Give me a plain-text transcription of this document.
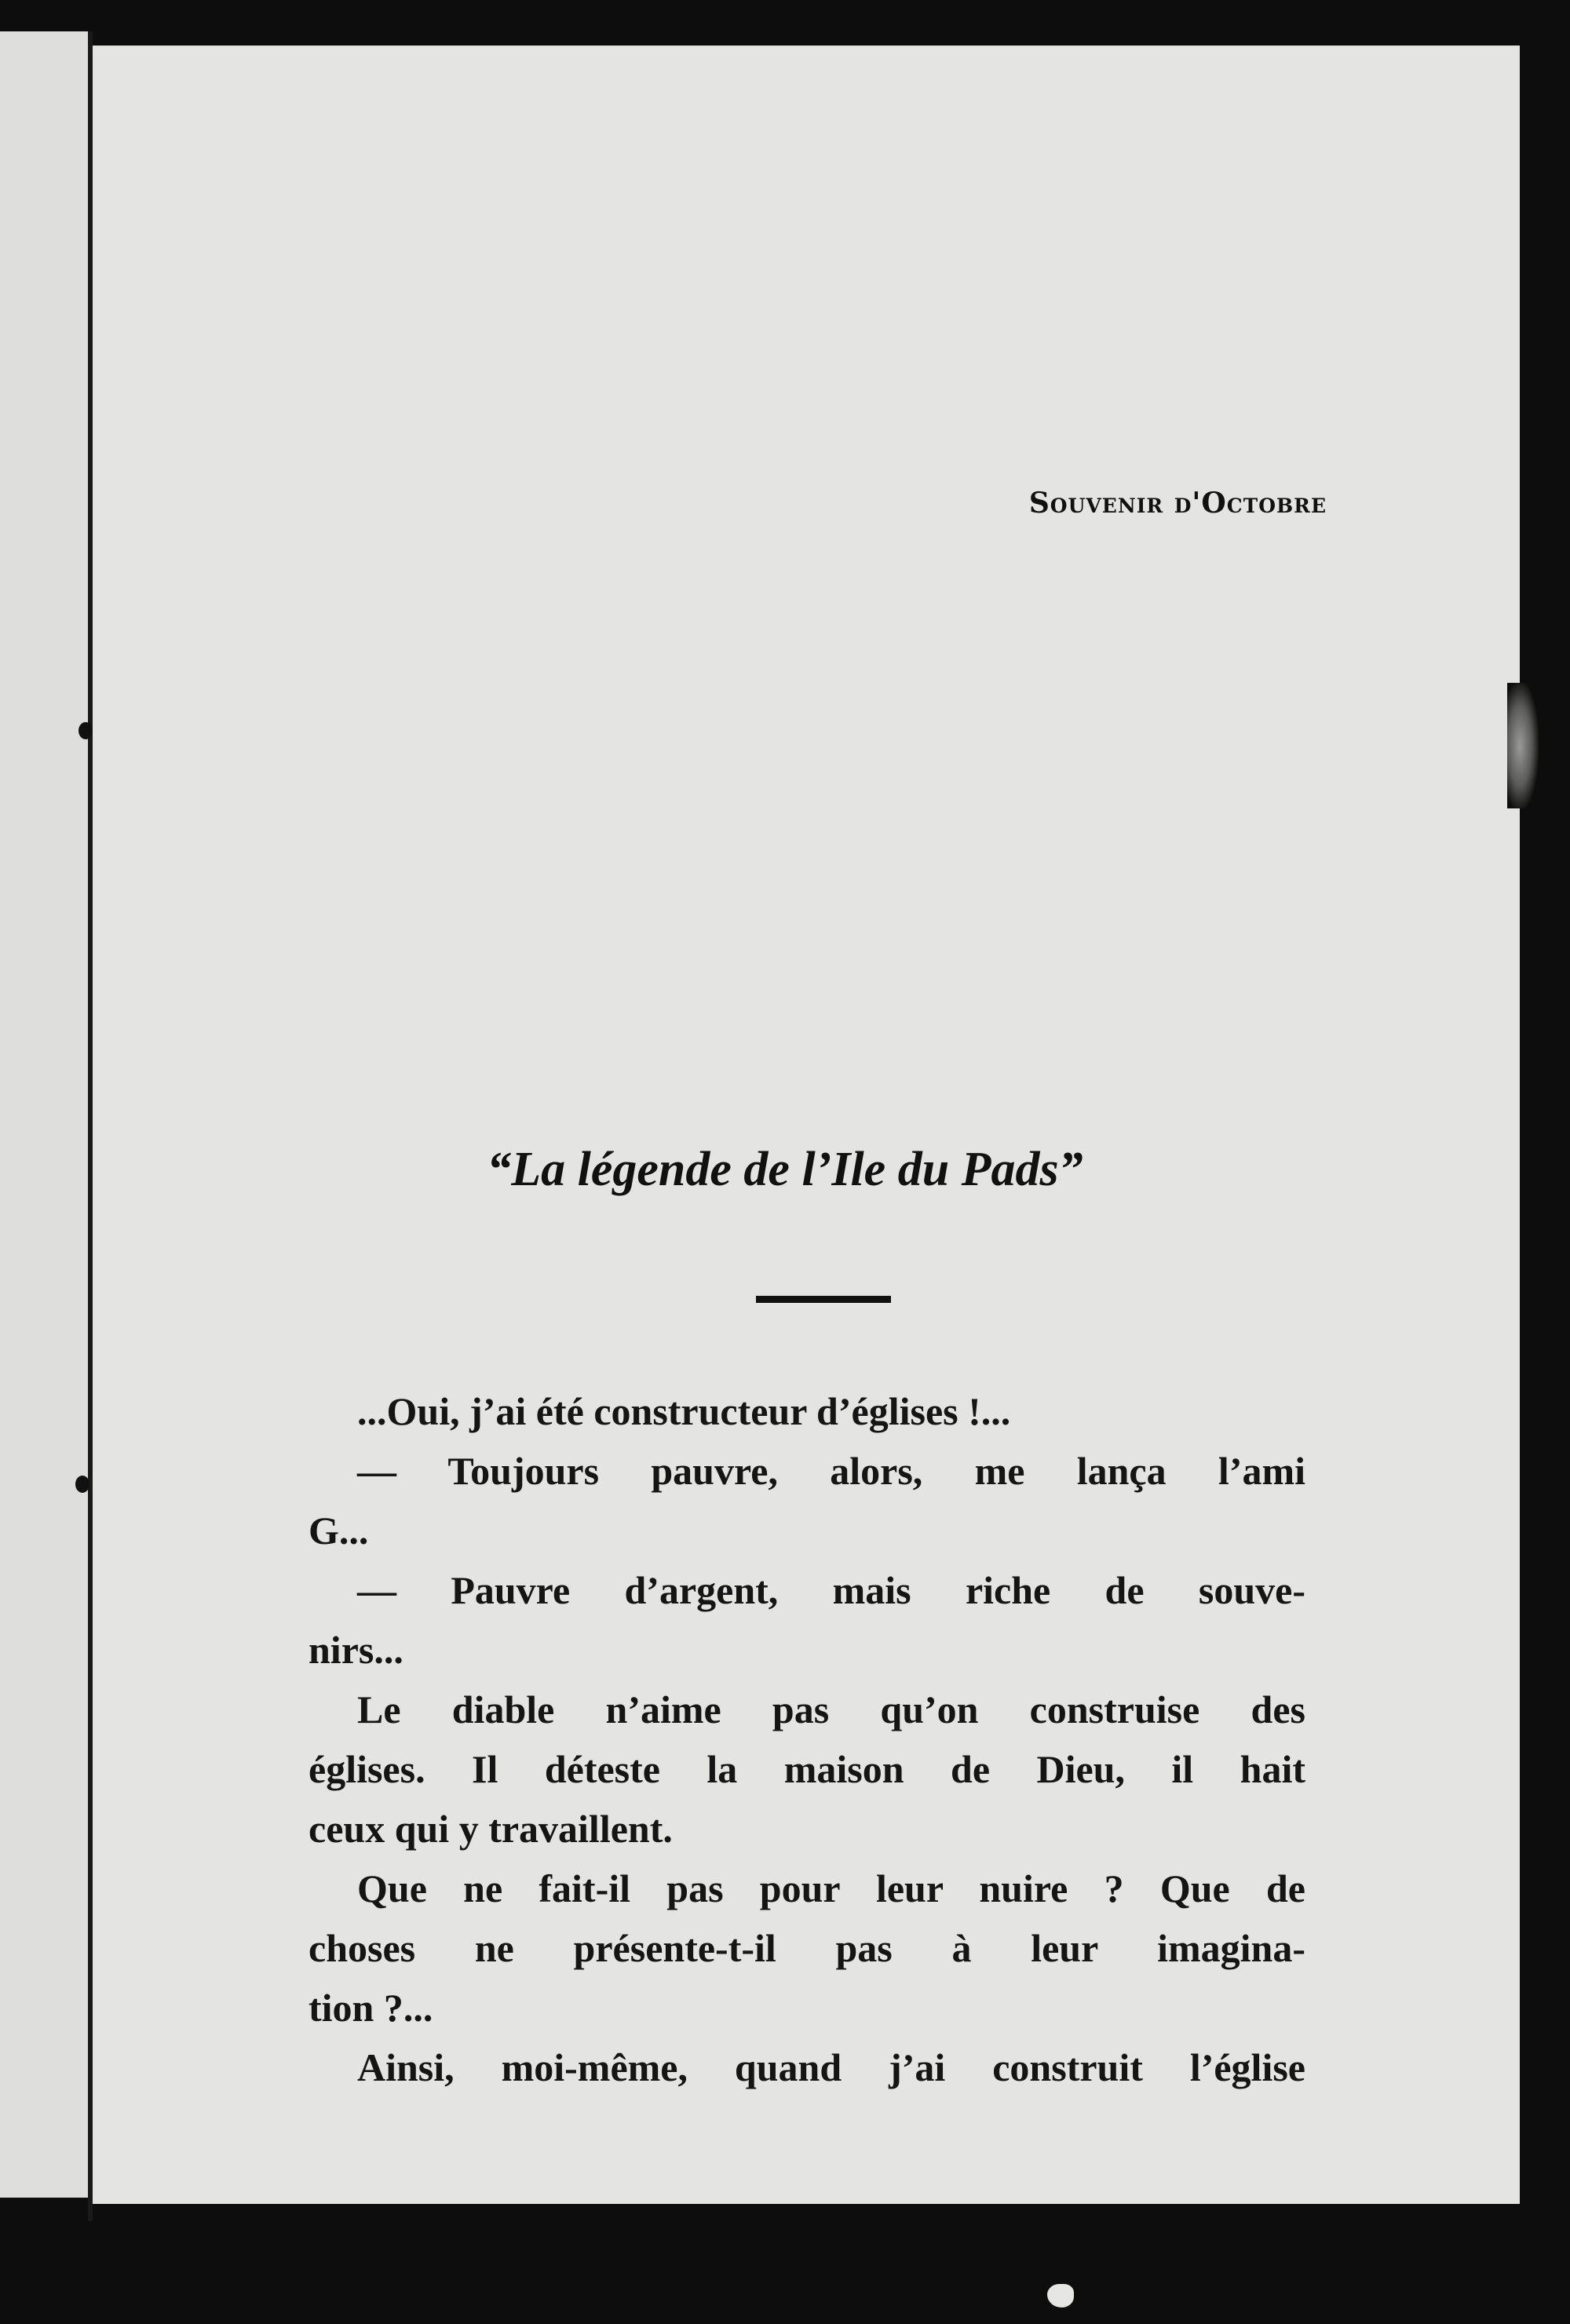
Souvenir d'Octobre
“La légende de l’Ile du Pads”
...Oui, j’ai été constructeur d’églises !...
— Toujours pauvre, alors, me lança l’ami
G...
— Pauvre d’argent, mais riche de souve-
nirs...
Le diable n’aime pas qu’on construise des
églises. Il déteste la maison de Dieu, il hait
ceux qui y travaillent.
Que ne fait-il pas pour leur nuire ? Que de
choses ne présente-t-il pas à leur imagina-
tion ?...
Ainsi, moi-même, quand j’ai construit l’église
